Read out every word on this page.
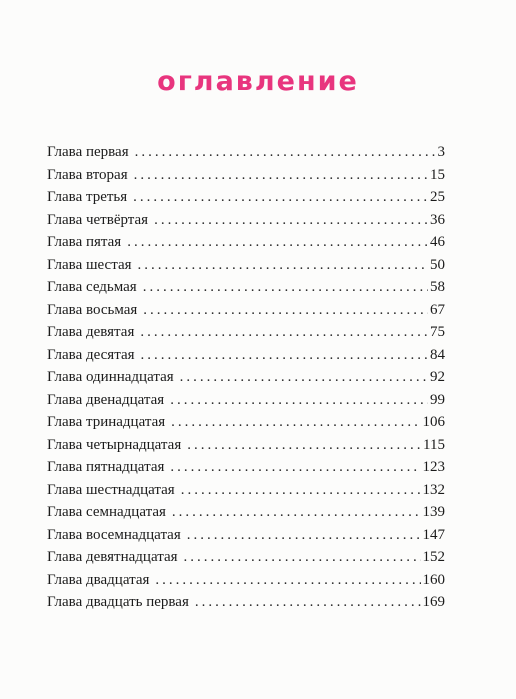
оглавление
Глава первая .....	3
Глава вторая .....	15
Глава третья .....	25
Глава четвёртая .....	36
Глава пятая .....	46
Глава шестая .....	50
Глава седьмая .....	58
Глава восьмая .....	67
Глава девятая .....	75
Глава десятая .....	84
Глава одиннадцатая .....	92
Глава двенадцатая .....	99
Глава тринадцатая .....	106
Глава четырнадцатая .....	115
Глава пятнадцатая .....	123
Глава шестнадцатая .....	132
Глава семнадцатая .....	139
Глава восемнадцатая .....	147
Глава девятнадцатая .....	152
Глава двадцатая .....	160
Глава двадцать первая .....	169
